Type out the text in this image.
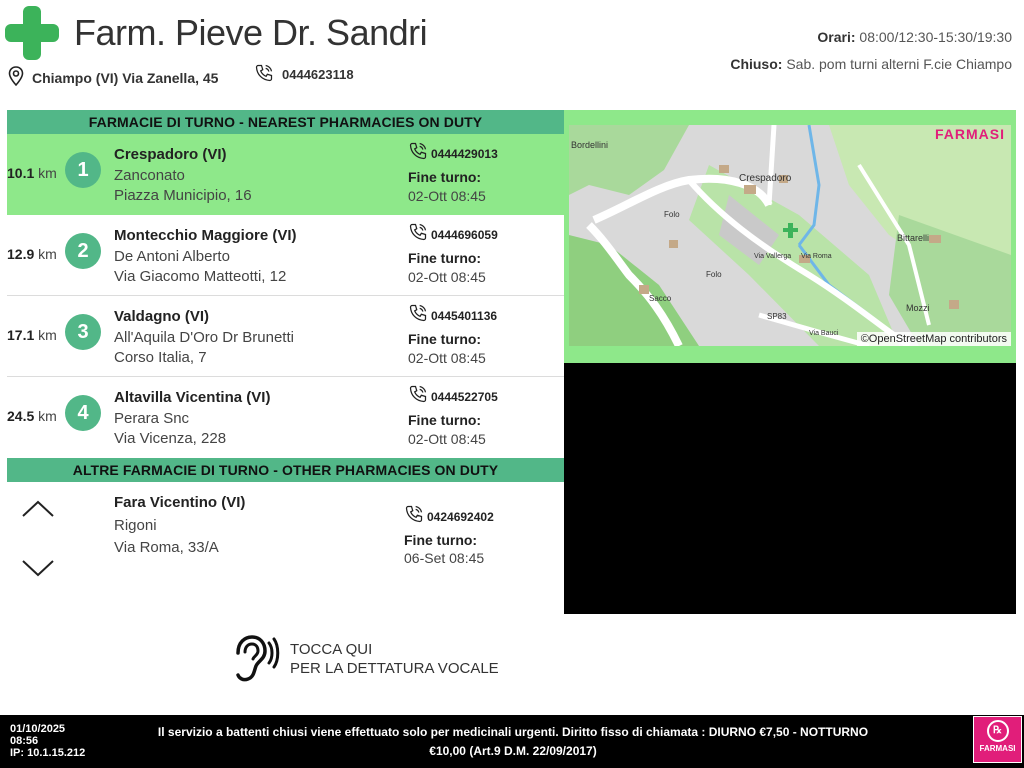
Farm. Pieve Dr. Sandri
Chiampo (VI) Via Zanella, 45	0444623118
Orari: 08:00/12:30-15:30/19:30
Chiuso: Sab. pom turni alterni F.cie Chiampo
FARMACIE DI TURNO - NEAREST PHARMACIES ON DUTY
10.1 km	1
Crespadoro (VI)
Zanconato
Piazza Municipio, 16
0444429013
Fine turno:
02-Ott 08:45
12.9 km	2
Montecchio Maggiore (VI)
De Antoni Alberto
Via Giacomo Matteotti, 12
0444696059
Fine turno:
02-Ott 08:45
17.1 km	3
Valdagno (VI)
All'Aquila D'Oro Dr Brunetti
Corso Italia, 7
0445401136
Fine turno:
02-Ott 08:45
24.5 km	4
Altavilla Vicentina (VI)
Perara Snc
Via Vicenza, 228
0444522705
Fine turno:
02-Ott 08:45
ALTRE FARMACIE DI TURNO - OTHER PHARMACIES ON DUTY
Fara Vicentino (VI)
Rigoni
Via Roma, 33/A
0424692402
Fine turno:
06-Set 08:45
Bordellini
Crespadoro
Folo
Folo
Sacco
Bittarelli
Mozzi
SP83
Via Bauci
Via Roma
Via Vallerga
FARMASI
©OpenStreetMap contributors
TOCCA QUI
PER LA DETTATURA VOCALE
01/10/2025
08:56
IP: 10.1.15.212
Il servizio a battenti chiusi viene effettuato solo per medicinali urgenti. Diritto fisso di chiamata : DIURNO €7,50 - NOTTURNO €10,00 (Art.9 D.M. 22/09/2017)
℞
FARMASI
